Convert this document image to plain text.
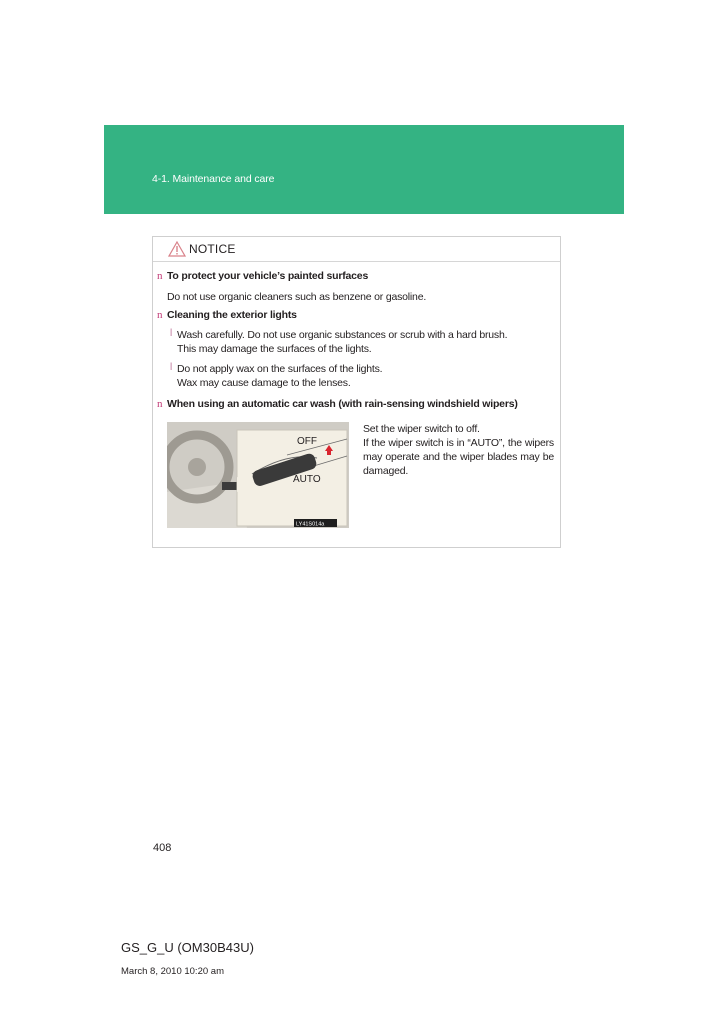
4-1. Maintenance and care
NOTICE
n To protect your vehicle’s painted surfaces
Do not use organic cleaners such as benzene or gasoline.
n Cleaning the exterior lights
l Wash carefully. Do not use organic substances or scrub with a hard brush.
This may damage the surfaces of the lights.
l Do not apply wax on the surfaces of the lights.
Wax may cause damage to the lenses.
n When using an automatic car wash (with rain-sensing windshield wipers)
OFF
AUTO
LY41S014a
Set the wiper switch to off.
If the wiper switch is in “AUTO”, the wipers may operate and the wiper blades may be damaged.
408
GS_G_U (OM30B43U)
March 8, 2010 10:20 am
